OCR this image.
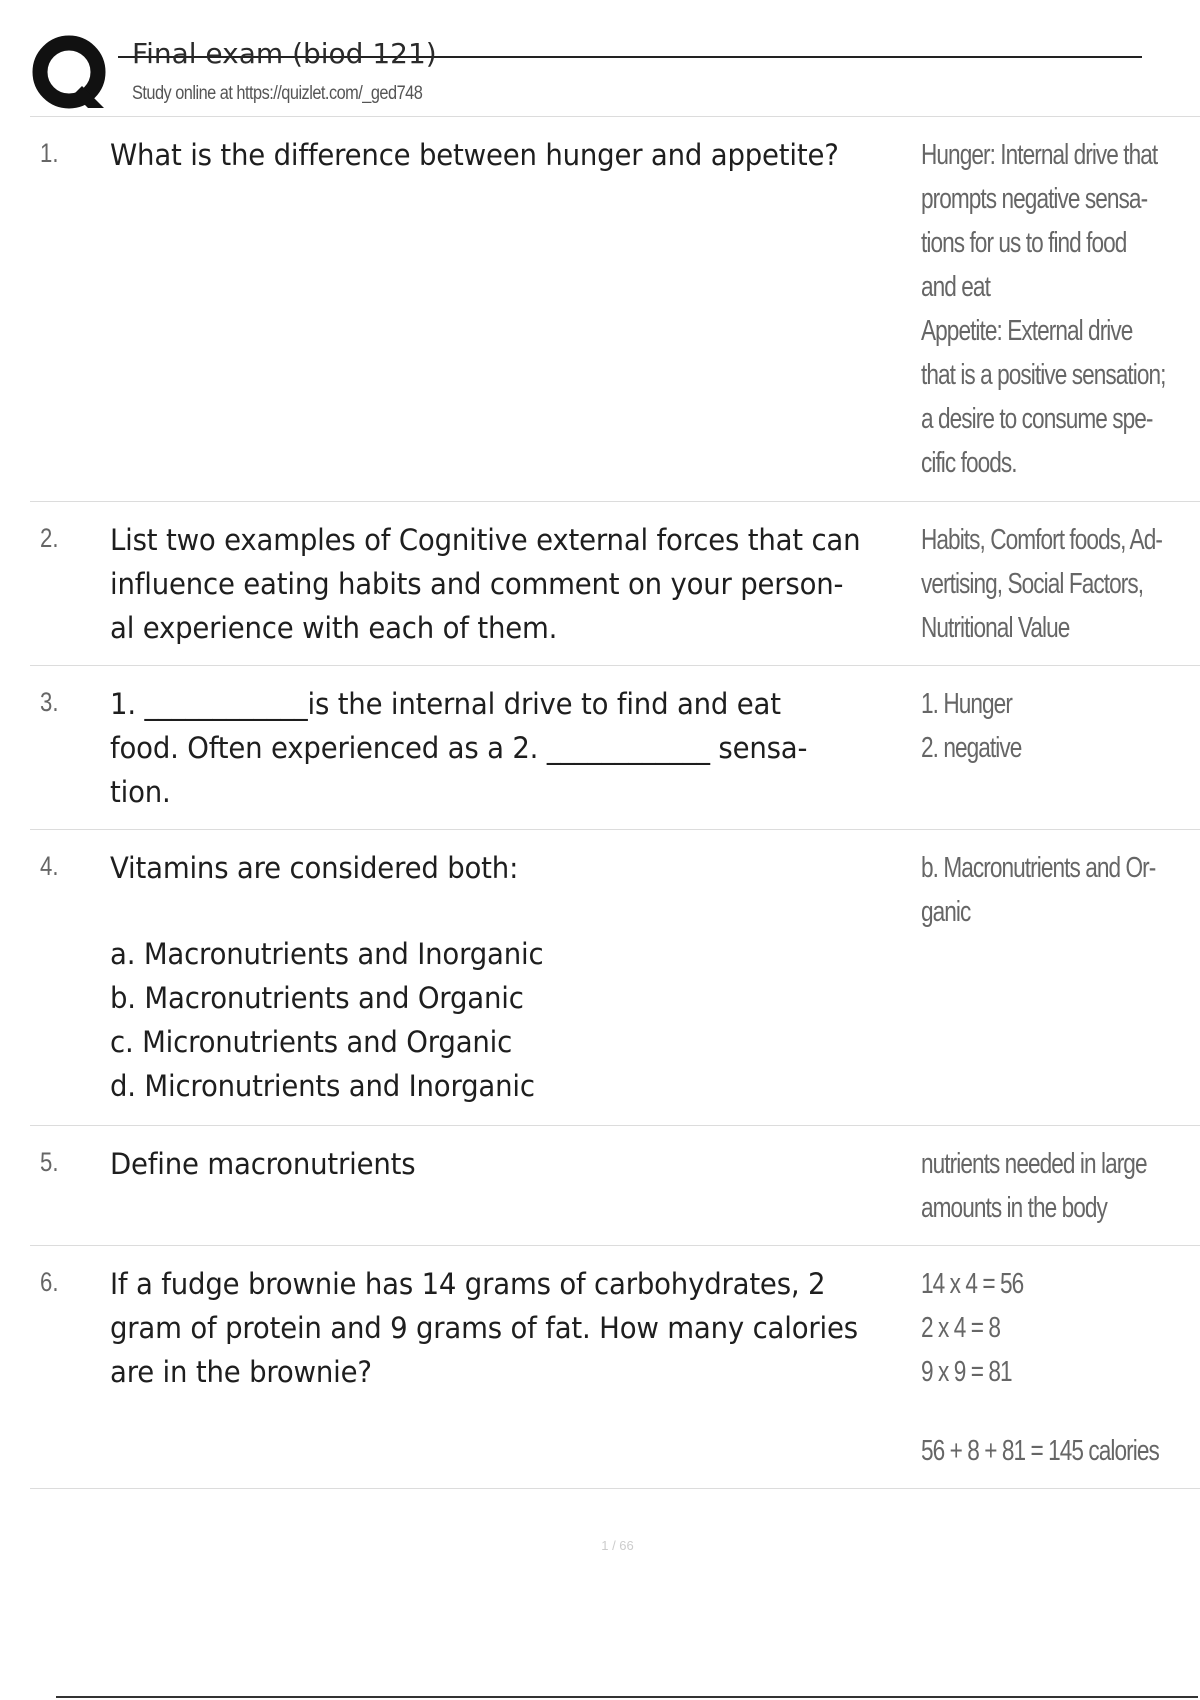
Final exam (biod 121)
Study online at https://quizlet.com/_ged748
1. What is the difference between hunger and appetite?	Hunger: Internal drive that
prompts negative sensa-
tions for us to find food
and eat
Appetite: External drive
that is a positive sensation;
a desire to consume spe-
cific foods.
2. List two examples of Cognitive external forces that can
influence eating habits and comment on your person-
al experience with each of them.
Habits, Comfort foods, Ad-
vertising, Social Factors,
Nutritional Value
3. 1. ____________is the internal drive to find and eat
food. Often experienced as a 2. ____________ sensa-
tion.
1. Hunger
2. negative
4. Vitamins are considered both:
a. Macronutrients and Inorganic
b. Macronutrients and Organic
c. Micronutrients and Organic
d. Micronutrients and Inorganic
b. Macronutrients and Or-
ganic
5. Define macronutrients	nutrients needed in large
amounts in the body
6. If a fudge brownie has 14 grams of carbohydrates, 2
gram of protein and 9 grams of fat. How many calories
are in the brownie?
14 x 4 = 56
2 x 4 = 8
9 x 9 = 81
56 + 8 + 81 = 145 calories
1 / 66
